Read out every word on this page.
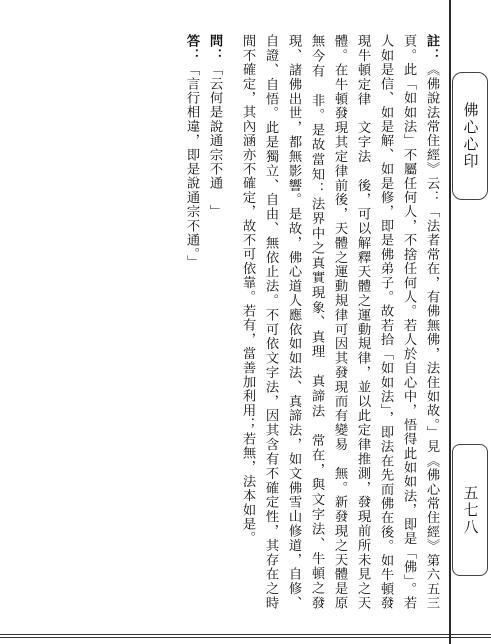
佛心心印
五七八

註：《佛說法常住經》云：「法者常在，有佛無佛，法住如故。」見《佛心常住經》第六五三頁。此「如如法」不屬任何人，不捨任何人。若人於自心中，悟得此如如法，即是「佛」。若人如是信、如是解、如是修，即是佛弟子。故若拾「如如法」，即法在先而佛在後。如牛頓發現牛頓定律　文字法　後，可以解釋天體之運動規律，並以此定律推測，發現前所未見之天體。在牛頓發現其定律前後，天體之運動規律可因其發現而有變易　無。新發現之天體是原無今有　非。是故當知：法界中之真實現象、真理　真諦法　常在，與文字法、牛頓之發現、諸佛出世，都無影響。是故，佛心道人應依如如法、真諦法，如文佛雪山修道，自修、自證、自悟。此是獨立、自由、無依止法。不可依文字法，因其含有不確定性，其存在之時間不確定，其內涵亦不確定，故不可依靠。若有，當善加利用；若無，法本如是。

問：「云何是說通宗不通　」

答：「言行相違，即是說通宗不通。」
